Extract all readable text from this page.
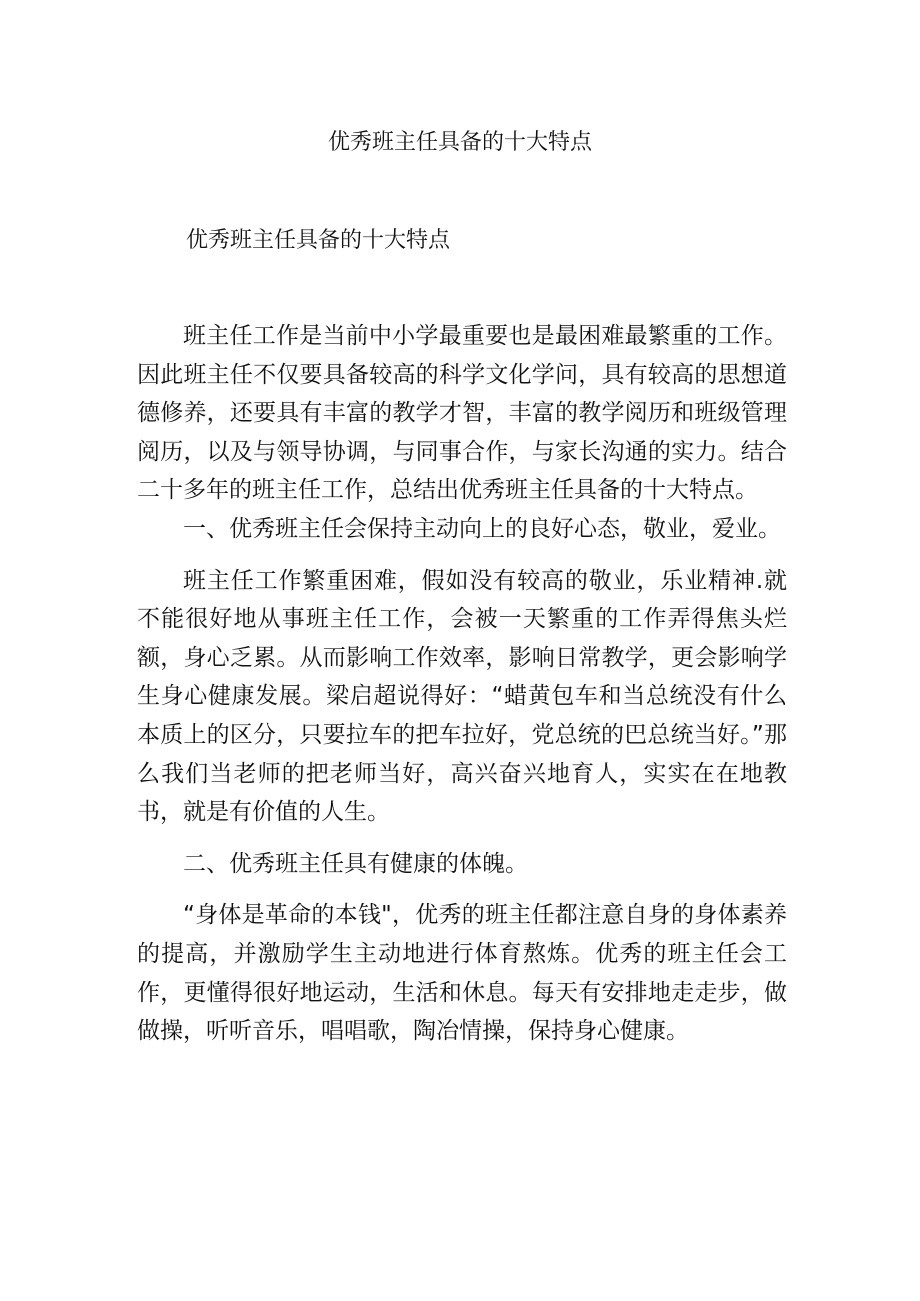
优秀班主任具备的十大特点
优秀班主任具备的十大特点

班主任工作是当前中小学最重要也是最困难最繁重的工作。因此班主任不仅要具备较高的科学文化学问，具有较高的思想道德修养，还要具有丰富的教学才智，丰富的教学阅历和班级管理阅历，以及与领导协调，与同事合作，与家长沟通的实力。结合二十多年的班主任工作，总结出优秀班主任具备的十大特点。

一、优秀班主任会保持主动向上的良好心态，敬业，爱业。

班主任工作繁重困难，假如没有较高的敬业，乐业精神.就不能很好地从事班主任工作，会被一天繁重的工作弄得焦头烂额，身心乏累。从而影响工作效率，影响日常教学，更会影响学生身心健康发展。梁启超说得好：“蜡黄包车和当总统没有什么本质上的区分，只要拉车的把车拉好，党总统的巴总统当好。”那么我们当老师的把老师当好，高兴奋兴地育人，实实在在地教书，就是有价值的人生。

二、优秀班主任具有健康的体魄。

“身体是革命的本钱"，优秀的班主任都注意自身的身体素养的提高，并激励学生主动地进行体育熬炼。优秀的班主任会工作，更懂得很好地运动，生活和休息。每天有安排地走走步，做做操，听听音乐，唱唱歌，陶冶情操，保持身心健康。
